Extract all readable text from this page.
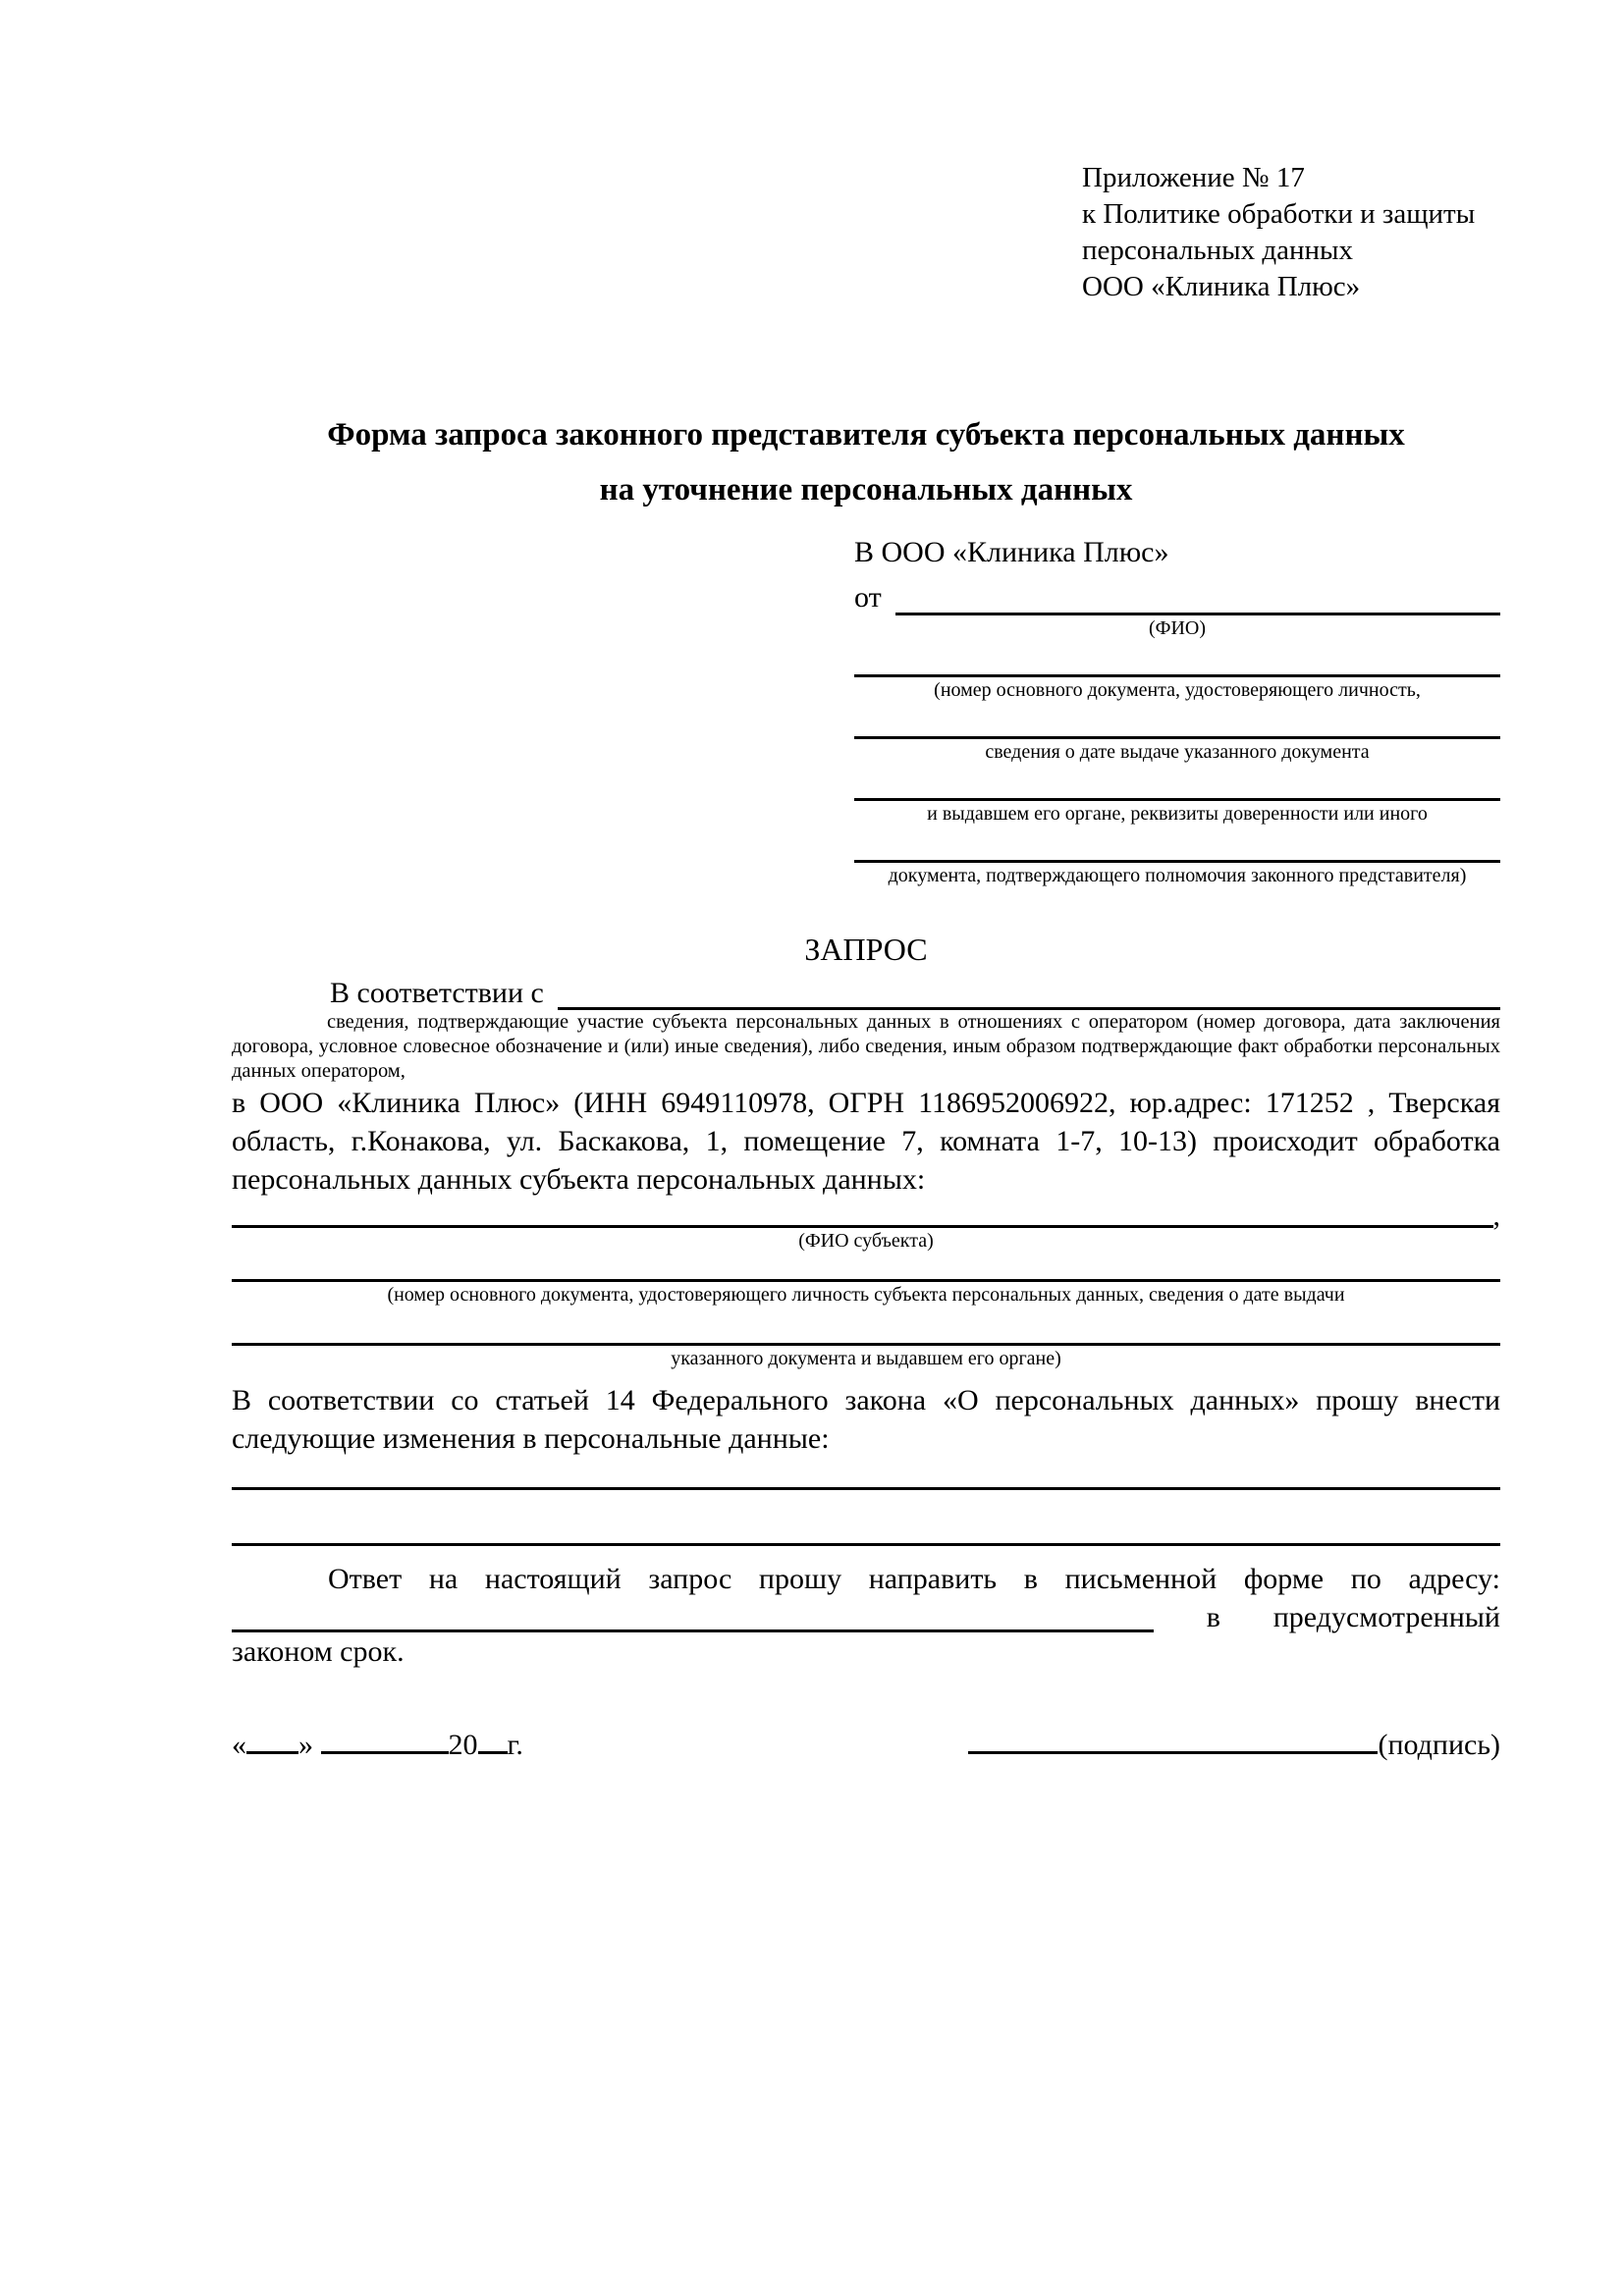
Приложение № 17
к Политике обработки и защиты
персональных данных
ООО «Клиника Плюс»
Форма запроса законного представителя субъекта персональных данных
на уточнение персональных данных
В ООО «Клиника Плюс»
от
(ФИО)
(номер основного документа, удостоверяющего личность,
сведения о дате выдаче указанного документа
и выдавшем его органе, реквизиты доверенности или иного
документа, подтверждающего полномочия законного представителя)
ЗАПРОС
В соответствии с
сведения, подтверждающие участие субъекта персональных данных в отношениях с оператором (номер договора, дата заключения договора, условное словесное обозначение и (или) иные сведения), либо сведения, иным образом подтверждающие факт обработки персональных данных оператором,
в ООО «Клиника Плюс» (ИНН 6949110978, ОГРН 1186952006922, юр.адрес: 171252 , Тверская область, г.Конакова, ул. Баскакова, 1, помещение 7, комната 1-7, 10-13) происходит обработка персональных данных субъекта персональных данных:
,
(ФИО субъекта)
(номер основного документа, удостоверяющего личность субъекта персональных данных, сведения о дате выдачи
указанного документа и выдавшем его органе)
В соответствии со статьей 14 Федерального закона «О персональных данных» прошу внести следующие изменения в персональные данные:
Ответ на настоящий запрос прошу направить в письменной форме по адресу:
в предусмотренный
законом срок.
« »	20 г.	(подпись)
